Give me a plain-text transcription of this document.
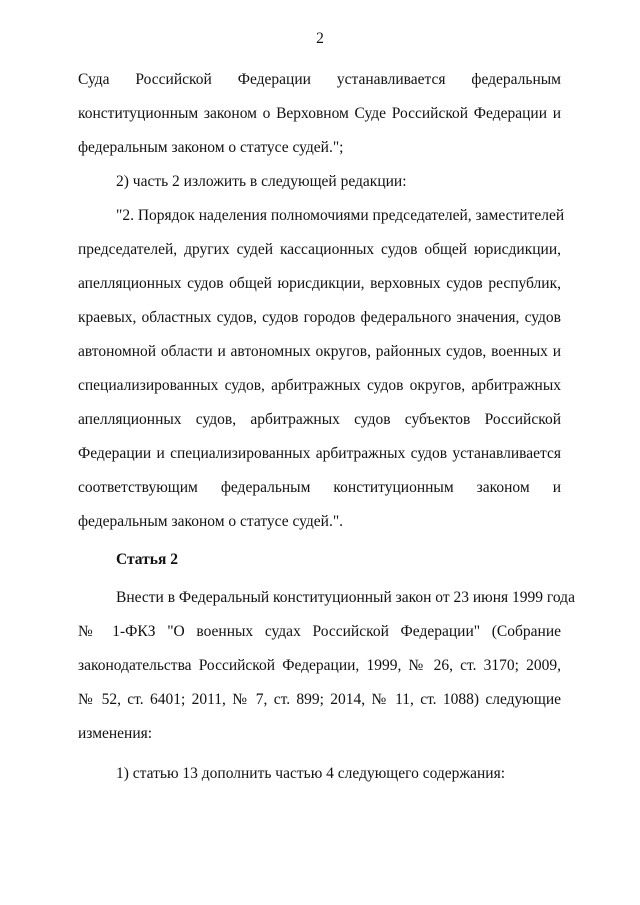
2
Суда Российской Федерации устанавливается федеральным
конституционным законом о Верховном Суде Российской Федерации и
федеральным законом о статусе судей.";
2) часть 2 изложить в следующей редакции:
"2. Порядок наделения полномочиями председателей, заместителей
председателей, других судей кассационных судов общей юрисдикции,
апелляционных судов общей юрисдикции, верховных судов республик,
краевых, областных судов, судов городов федерального значения, судов
автономной области и автономных округов, районных судов, военных и
специализированных судов, арбитражных судов округов, арбитражных
апелляционных судов, арбитражных судов субъектов Российской
Федерации и специализированных арбитражных судов устанавливается
соответствующим федеральным конституционным законом и
федеральным законом о статусе судей.".
Статья 2
Внести в Федеральный конституционный закон от 23 июня 1999 года
№ 1-ФКЗ "О военных судах Российской Федерации" (Собрание
законодательства Российской Федерации, 1999, № 26, ст. 3170; 2009,
№ 52, ст. 6401; 2011, № 7, ст. 899; 2014, № 11, ст. 1088) следующие
изменения:
1) статью 13 дополнить частью 4 следующего содержания:
